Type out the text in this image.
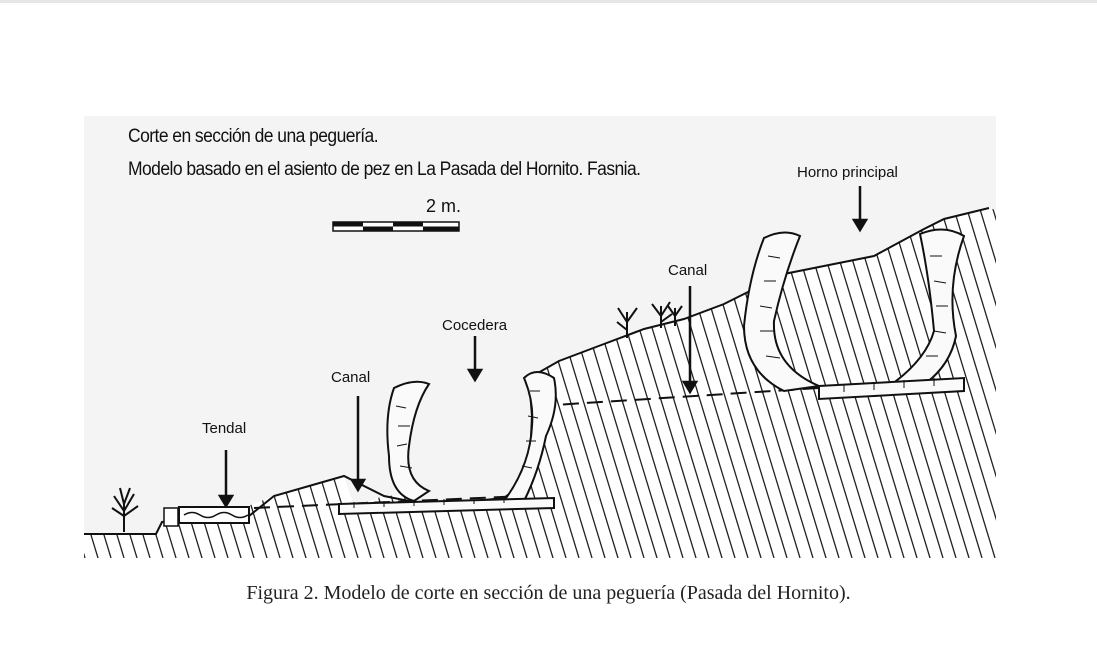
Corte en sección de una peguería.
Modelo basado en el asiento de pez en La Pasada del Hornito. Fasnia.
2 m.
Tendal
Canal
Cocedera
Canal
Horno principal
Figura 2. Modelo de corte en sección de una peguería (Pasada del Hornito).
